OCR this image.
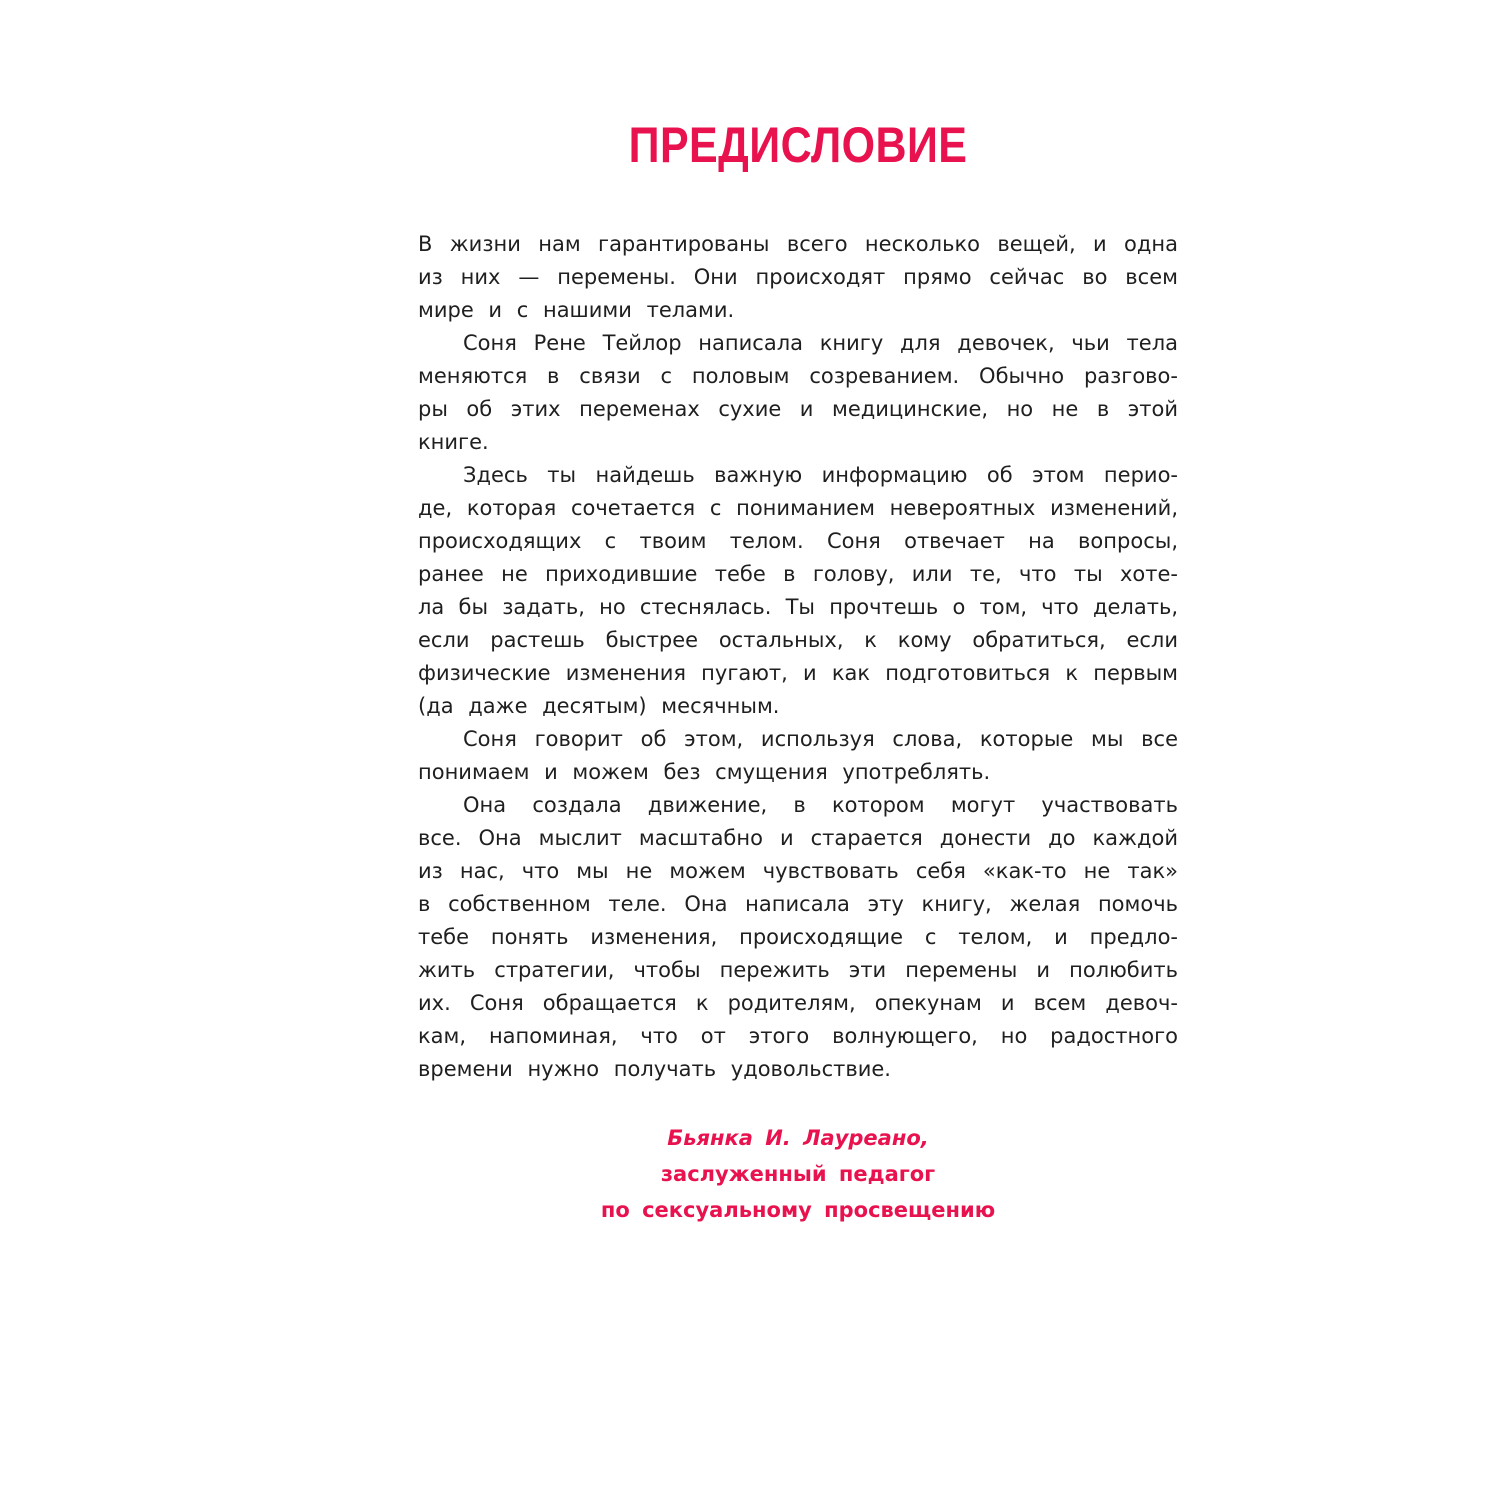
ПРЕДИСЛОВИЕ
В жизни нам гарантированы всего несколько вещей, и одна
из них — перемены. Они происходят прямо сейчас во всем
мире и с нашими телами.
Соня Рене Тейлор написала книгу для девочек, чьи тела
меняются в связи с половым созреванием. Обычно разгово-
ры об этих переменах сухие и медицинские, но не в этой
книге.
Здесь ты найдешь важную информацию об этом перио-
де, которая сочетается с пониманием невероятных изменений,
происходящих с твоим телом. Соня отвечает на вопросы,
ранее не приходившие тебе в голову, или те, что ты хоте-
ла бы задать, но стеснялась. Ты прочтешь о том, что делать,
если растешь быстрее остальных, к кому обратиться, если
физические изменения пугают, и как подготовиться к первым
(да даже десятым) месячным.
Соня говорит об этом, используя слова, которые мы все
понимаем и можем без смущения употреблять.
Она создала движение, в котором могут участвовать
все. Она мыслит масштабно и старается донести до каждой
из нас, что мы не можем чувствовать себя «как-то не так»
в собственном теле. Она написала эту книгу, желая помочь
тебе понять изменения, происходящие с телом, и предло-
жить стратегии, чтобы пережить эти перемены и полюбить
их. Соня обращается к родителям, опекунам и всем девоч-
кам, напоминая, что от этого волнующего, но радостного
времени нужно получать удовольствие.
Бьянка И. Лауреано,
заслуженный педагог
по сексуальному просвещению
